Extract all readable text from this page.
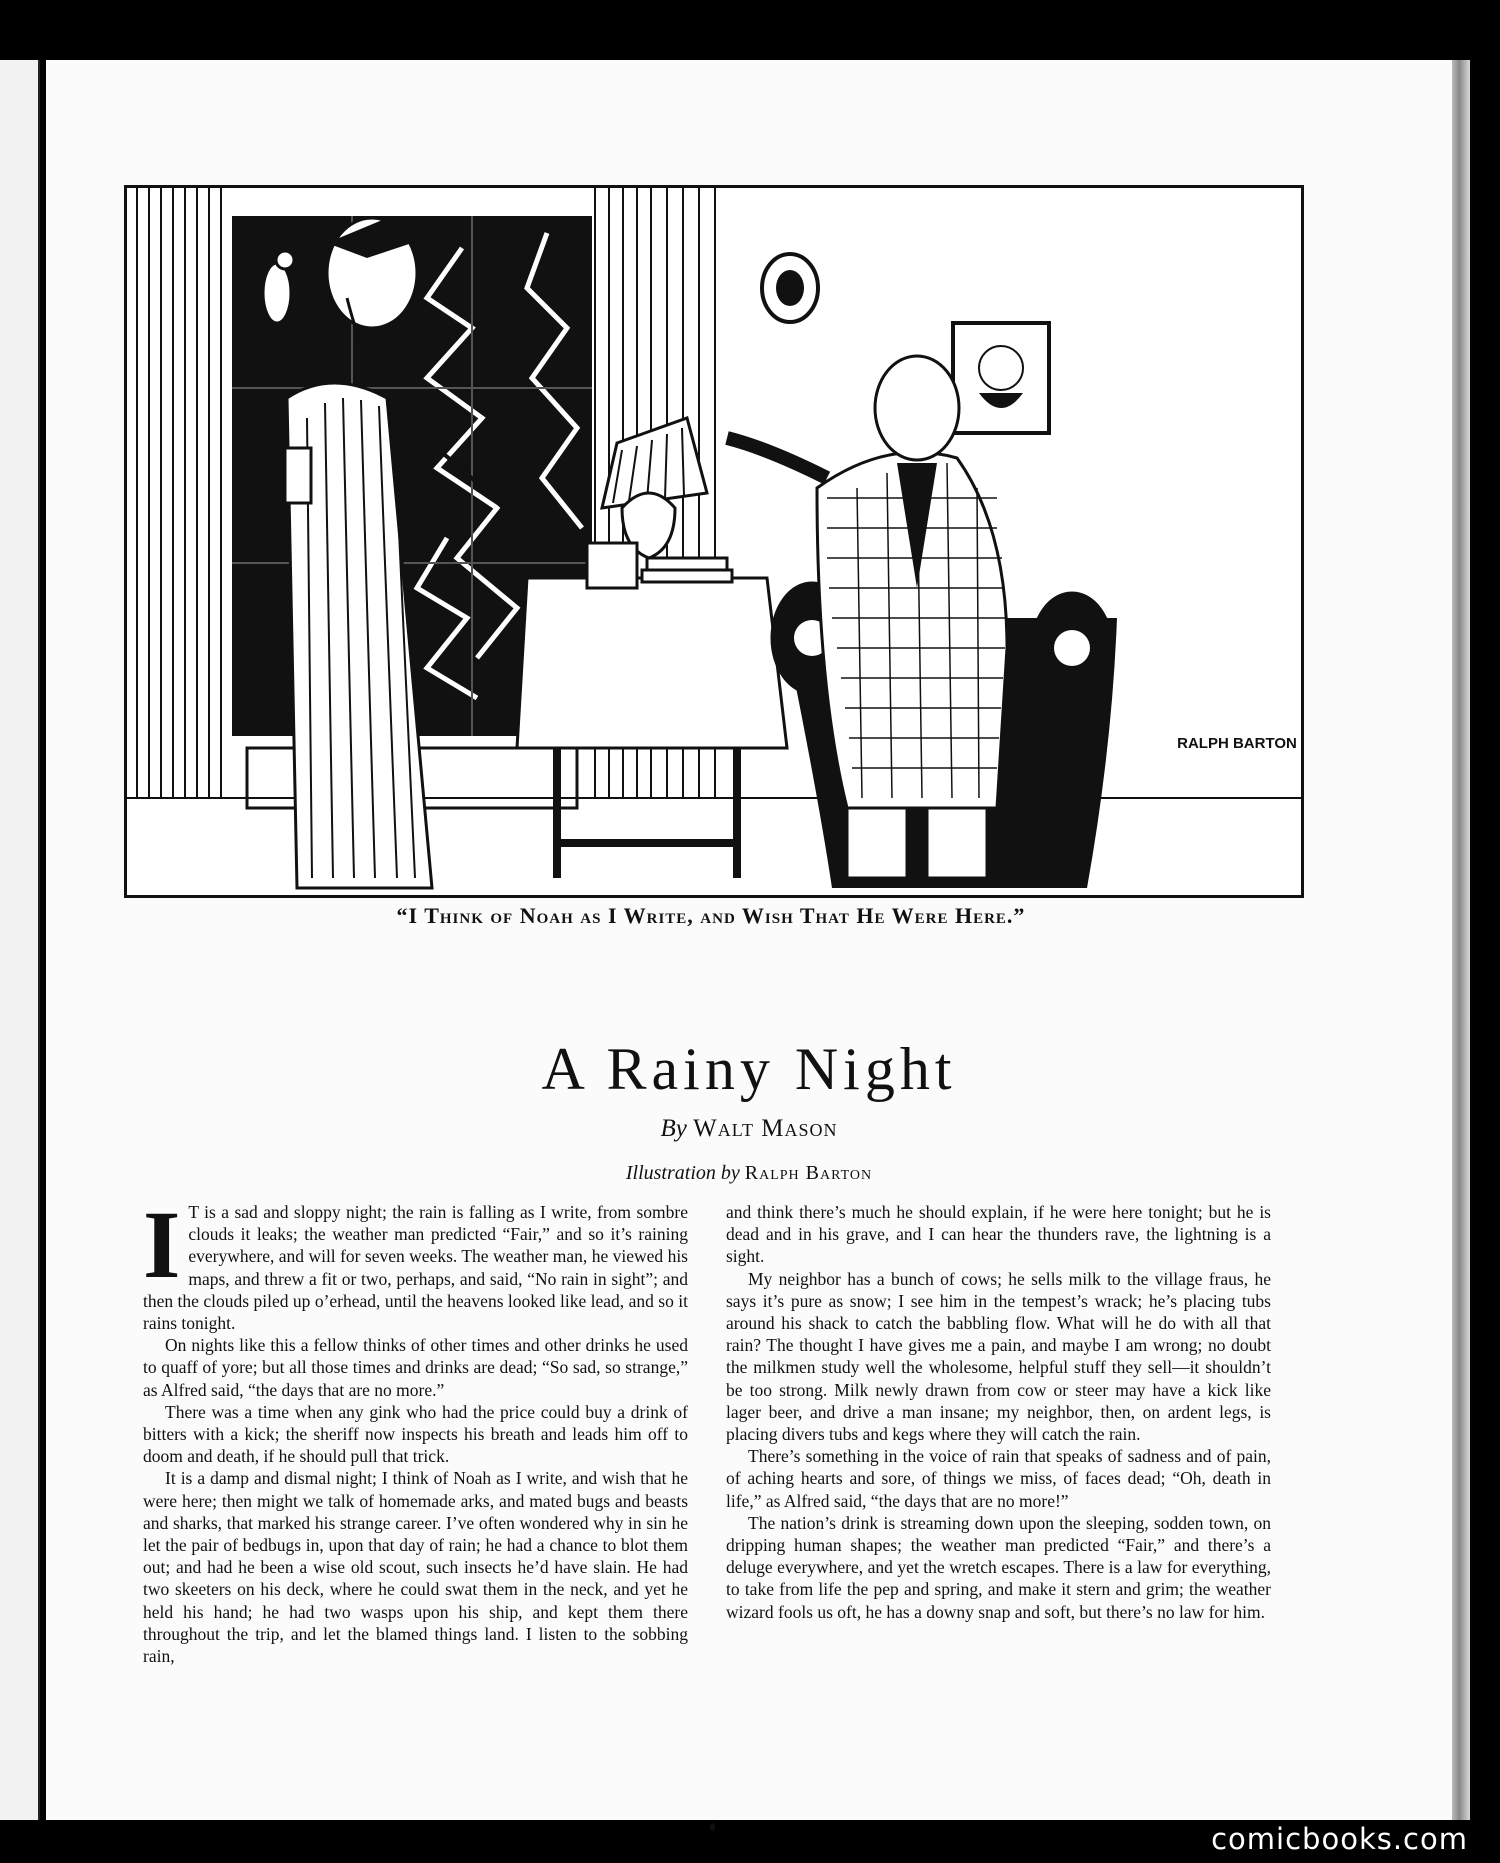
RALPH BARTON
“I Think of Noah as I Write, and Wish That He Were Here.”
A Rainy Night
By Walt Mason
Illustration by Ralph Barton

I T is a sad and sloppy night; the rain is falling as I write, from sombre clouds it leaks; the weather man predicted “Fair,” and so it’s raining everywhere, and will for seven weeks. The weather man, he viewed his maps, and threw a fit or two, perhaps, and said, “No rain in sight”; and then the clouds piled up o’erhead, until the heavens looked like lead, and so it rains tonight.

On nights like this a fellow thinks of other times and other drinks he used to quaff of yore; but all those times and drinks are dead; “So sad, so strange,” as Alfred said, “the days that are no more.”

There was a time when any gink who had the price could buy a drink of bitters with a kick; the sheriff now inspects his breath and leads him off to doom and death, if he should pull that trick.

It is a damp and dismal night; I think of Noah as I write, and wish that he were here; then might we talk of homemade arks, and mated bugs and beasts and sharks, that marked his strange career. I’ve often wondered why in sin he let the pair of bedbugs in, upon that day of rain; he had a chance to blot them out; and had he been a wise old scout, such insects he’d have slain. He had two skeeters on his deck, where he could swat them in the neck, and yet he held his hand; he had two wasps upon his ship, and kept them there throughout the trip, and let the blamed things land. I listen to the sobbing rain,

and think there’s much he should explain, if he were here tonight; but he is dead and in his grave, and I can hear the thunders rave, the lightning is a sight.

My neighbor has a bunch of cows; he sells milk to the village fraus, he says it’s pure as snow; I see him in the tempest’s wrack; he’s placing tubs around his shack to catch the babbling flow. What will he do with all that rain? The thought I have gives me a pain, and maybe I am wrong; no doubt the milkmen study well the wholesome, helpful stuff they sell—it shouldn’t be too strong. Milk newly drawn from cow or steer may have a kick like lager beer, and drive a man insane; my neighbor, then, on ardent legs, is placing divers tubs and kegs where they will catch the rain.

There’s something in the voice of rain that speaks of sadness and of pain, of aching hearts and sore, of things we miss, of faces dead; “Oh, death in life,” as Alfred said, “the days that are no more!”

The nation’s drink is streaming down upon the sleeping, sodden town, on dripping human shapes; the weather man predicted “Fair,” and there’s a deluge everywhere, and yet the wretch escapes. There is a law for everything, to take from life the pep and spring, and make it stern and grim; the weather wizard fools us oft, he has a downy snap and soft, but there’s no law for him.

comicbooks.com
